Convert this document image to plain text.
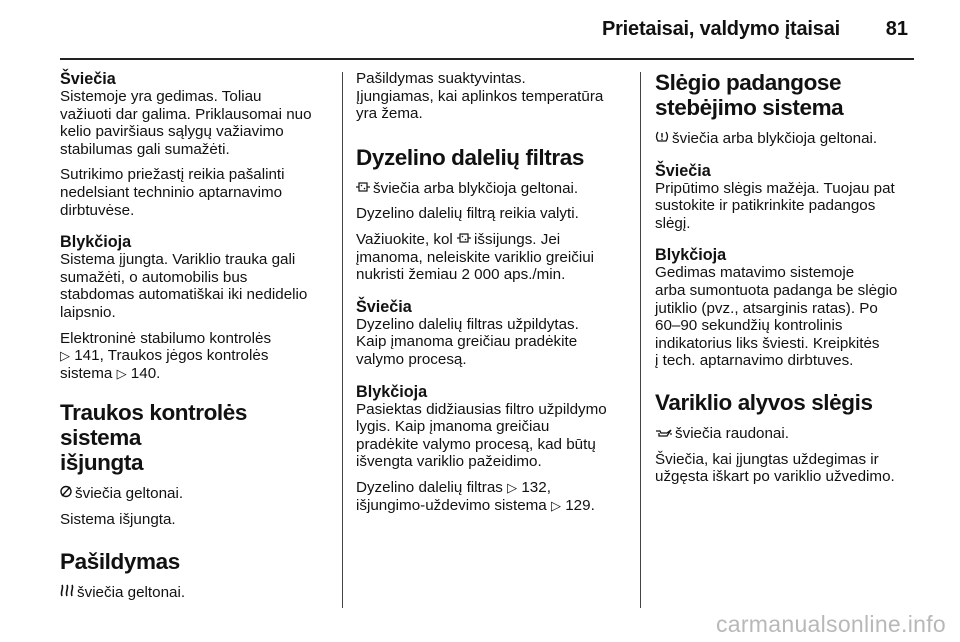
Prietaisai, valdymo įtaisai 81
Šviečia
Sistemoje yra gedimas. Toliau
važiuoti dar galima. Priklausomai nuo
kelio paviršiaus sąlygų važiavimo
stabilumas gali sumažėti.
Sutrikimo priežastį reikia pašalinti
nedelsiant techninio aptarnavimo
dirbtuvėse.
Blykčioja
Sistema įjungta. Variklio trauka gali
sumažėti, o automobilis bus
stabdomas automatiškai iki nedidelio
laipsnio.
Elektroninė stabilumo kontrolės
▷ 141, Traukos jėgos kontrolės
sistema ▷ 140.
Traukos kontrolės sistema
išjungta

šviečia geltonai.

Sistema išjungta.

Pašildymas

šviečia geltonai.

Pašildymas suaktyvintas.
Įjungiamas, kai aplinkos temperatūra
yra žema.
Dyzelino dalelių filtras

šviečia arba blykčioja geltonai.

Dyzelino dalelių filtrą reikia valyti.

Važiuokite, kol išsijungs. Jei
įmanoma, neleiskite variklio greičiui
nukristi žemiau 2 000 aps./min.
Šviečia
Dyzelino dalelių filtras užpildytas.
Kaip įmanoma greičiau pradėkite
valymo procesą.
Blykčioja
Pasiektas didžiausias filtro užpildymo
lygis. Kaip įmanoma greičiau
pradėkite valymo procesą, kad būtų
išvengta variklio pažeidimo.
Dyzelino dalelių filtras ▷ 132,
išjungimo-uždevimo sistema ▷ 129.
Slėgio padangose
stebėjimo sistema

šviečia arba blykčioja geltonai.

Šviečia
Pripūtimo slėgis mažėja. Tuojau pat
sustokite ir patikrinkite padangos
slėgį.
Blykčioja
Gedimas matavimo sistemoje
arba sumontuota padanga be slėgio
jutiklio (pvz., atsarginis ratas). Po
60–90 sekundžių kontrolinis
indikatorius liks šviesti. Kreipkitės
į tech. aptarnavimo dirbtuves.
Variklio alyvos slėgis

šviečia raudonai.

Šviečia, kai įjungtas uždegimas ir
užgęsta iškart po variklio užvedimo.
carmanualsonline.info
